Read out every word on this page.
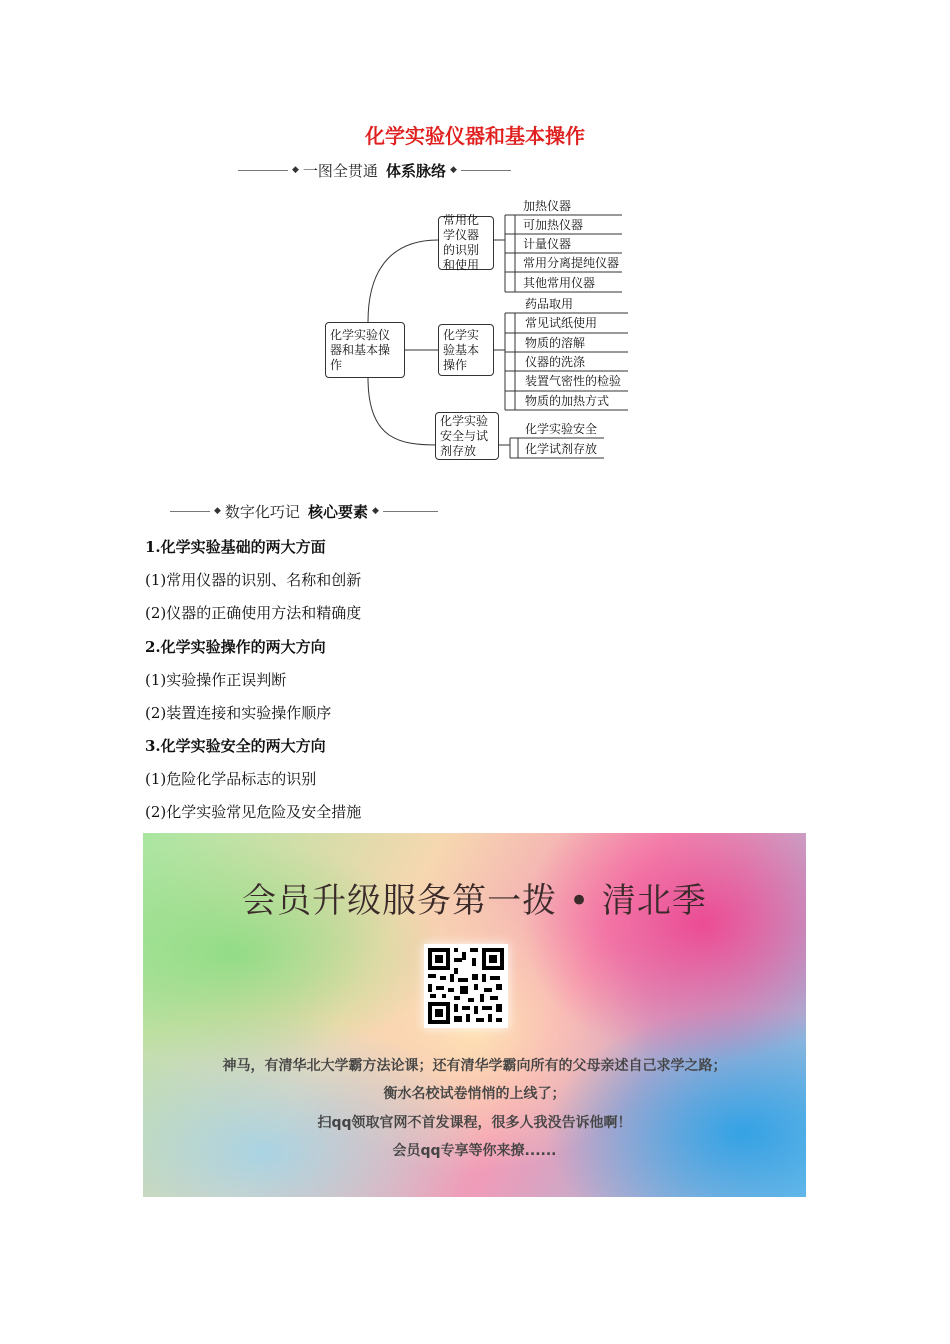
化学实验仪器和基本操作
◆ 一图全贯通 体系脉络 ◆
化学实验仪器和基本操作
常用化学仪器的识别和使用
化学实验基本操作
化学实验安全与试剂存放
加热仪器
可加热仪器
计量仪器
常用分离提纯仪器
其他常用仪器
药品取用
常见试纸使用
物质的溶解
仪器的洗涤
装置气密性的检验
物质的加热方式
化学实验安全
化学试剂存放
◆ 数字化巧记 核心要素 ◆
1.化学实验基础的两大方面
(1)常用仪器的识别、名称和创新
(2)仪器的正确使用方法和精确度
2.化学实验操作的两大方向
(1)实验操作正误判断
(2)装置连接和实验操作顺序
3.化学实验安全的两大方向
(1)危险化学品标志的识别
(2)化学实验常见危险及安全措施
会员升级服务第一拨 • 清北季
神马，有清华北大学霸方法论课；还有清华学霸向所有的父母亲述自己求学之路；
衡水名校试卷悄悄的上线了；
扫qq领取官网不首发课程，很多人我没告诉他啊！
会员qq专享等你来撩......
